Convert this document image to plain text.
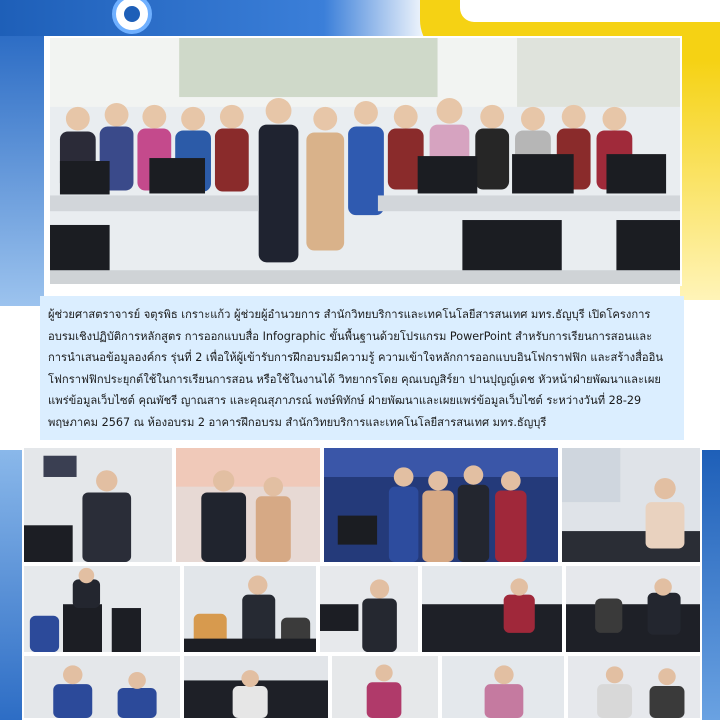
ผู้ช่วยศาสตราจารย์ จตุรพิธ เกราะแก้ว ผู้ช่วยผู้อำนวยการ สำนักวิทยบริการและเทคโนโลยีสารสนเทศ มทร.ธัญบุรี เปิดโครงการอบรมเชิงปฏิบัติการหลักสูตร การออกแบบสื่อ Infographic ขั้นพื้นฐานด้วยโปรแกรม PowerPoint สำหรับการเรียนการสอนและการนำเสนอข้อมูลองค์กร รุ่นที่ 2 เพื่อให้ผู้เข้ารับการฝึกอบรมมีความรู้ ความเข้าใจหลักการออกแบบอินโฟกราฟฟิก และสร้างสื่ออินโฟกราฟฟิกประยุกต์ใช้ในการเรียนการสอน หรือใช้ในงานได้ วิทยากรโดย คุณเบญสิร์ยา ปานปุญญ์เดช หัวหน้าฝ่ายพัฒนาและเผยแพร่ข้อมูลเว็บไซต์ คุณพัชรี ญาณสาร และคุณสุภาภรณ์ พงษ์พิทักษ์ ฝ่ายพัฒนาและเผยแพร่ข้อมูลเว็บไซต์ ระหว่างวันที่ 28-29 พฤษภาคม 2567 ณ ห้องอบรม 2 อาคารฝึกอบรม สำนักวิทยบริการและเทคโนโลยีสารสนเทศ มทร.ธัญบุรี
